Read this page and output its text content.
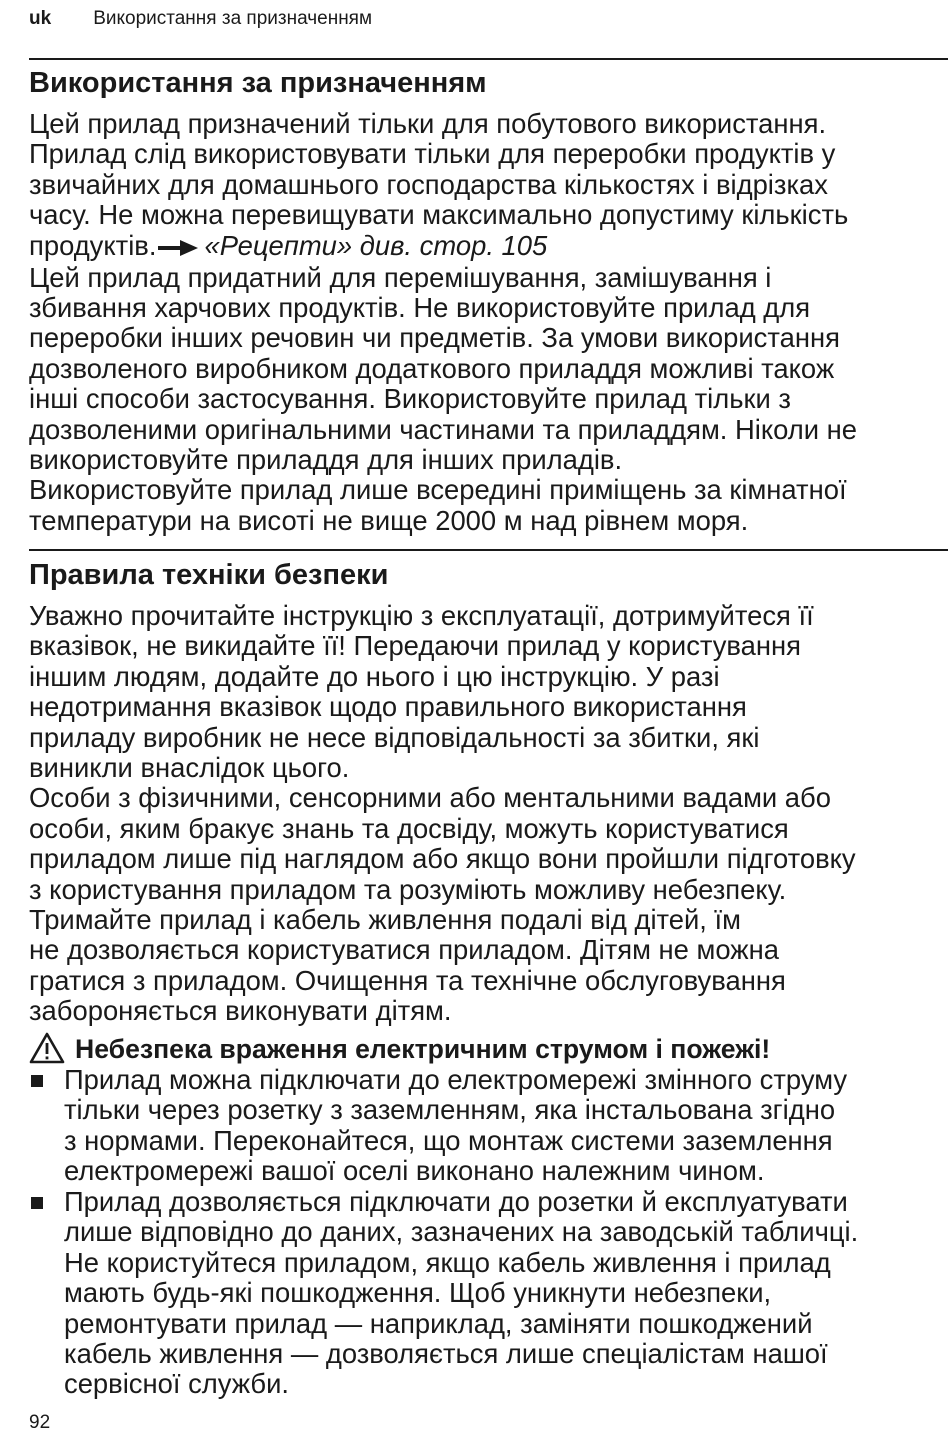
uk Використання за призначенням
Використання за призначенням
Цей прилад призначений тільки для побутового використання.
Прилад слід використовувати тільки для переробки продуктів у
звичайних для домашнього господарства кількостях і відрізках
часу. Не можна перевищувати максимально допустиму кількість
продуктів. «Рецепти» див. стор. 105
Цей прилад придатний для перемішування, замішування і
збивання харчових продуктів. Не використовуйте прилад для
переробки інших речовин чи предметів. За умови використання
дозволеного виробником додаткового приладдя можливі також
інші способи застосування. Використовуйте прилад тільки з
дозволеними оригінальними частинами та приладдям. Ніколи не
використовуйте приладдя для інших приладів.
Використовуйте прилад лише всередині приміщень за кімнатної
температури на висоті не вище 2000 м над рівнем моря.
Правила техніки безпеки
Уважно прочитайте інструкцію з експлуатації, дотримуйтеся її
вказівок, не викидайте її! Передаючи прилад у користування
іншим людям, додайте до нього і цю інструкцію. У разі
недотримання вказівок щодо правильного використання
приладу виробник не несе відповідальності за збитки, які
виникли внаслідок цього.
Особи з фізичними, сенсорними або ментальними вадами або
особи, яким бракує знань та досвіду, можуть користуватися
приладом лише під наглядом або якщо вони пройшли підготовку
з користування приладом та розуміють можливу небезпеку.
Тримайте прилад і кабель живлення подалі від дітей, їм
не дозволяється користуватися приладом. Дітям не можна
гратися з приладом. Очищення та технічне обслуговування
забороняється виконувати дітям.
Небезпека враження електричним струмом і пожежі!
Прилад можна підключати до електромережі змінного струму
тільки через розетку з заземленням, яка інстальована згідно
з нормами. Переконайтеся, що монтаж системи заземлення
електромережі вашої оселі виконано належним чином.
Прилад дозволяється підключати до розетки й експлуатувати
лише відповідно до даних, зазначених на заводській табличці.
Не користуйтеся приладом, якщо кабель живлення і прилад
мають будь-які пошкодження. Щоб уникнути небезпеки,
ремонтувати прилад — наприклад, заміняти пошкоджений
кабель живлення — дозволяється лише спеціалістам нашої
сервісної служби.
92
